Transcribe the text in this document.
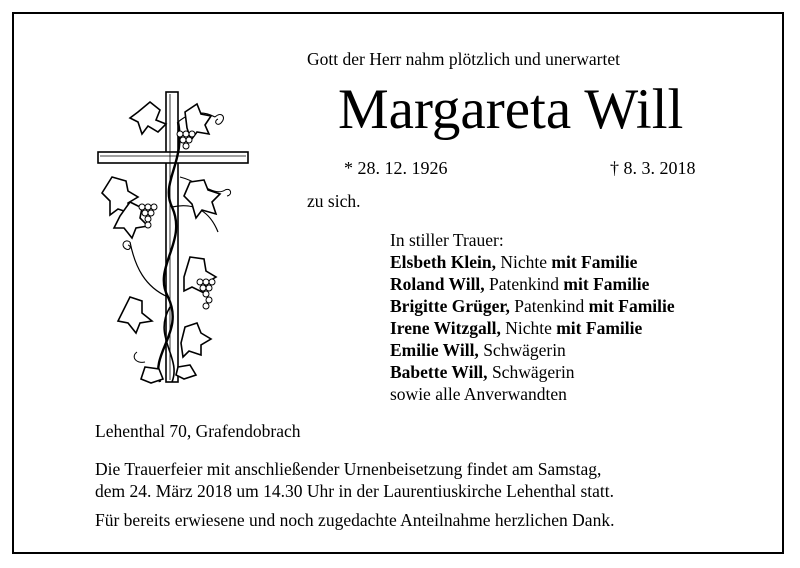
Gott der Herr nahm plötzlich und unerwartet
Margareta Will
* 28. 12. 1926	† 8. 3. 2018
zu sich.
In stiller Trauer:
Elsbeth Klein, Nichte mit Familie
Roland Will, Patenkind mit Familie
Brigitte Grüger, Patenkind mit Familie
Irene Witzgall, Nichte mit Familie
Emilie Will, Schwägerin
Babette Will, Schwägerin
sowie alle Anverwandten
Lehenthal 70, Grafendobrach
Die Trauerfeier mit anschließender Urnenbeisetzung findet am Samstag,
dem 24. März 2018 um 14.30 Uhr in der Laurentiuskirche Lehenthal statt.
Für bereits erwiesene und noch zugedachte Anteilnahme herzlichen Dank.
